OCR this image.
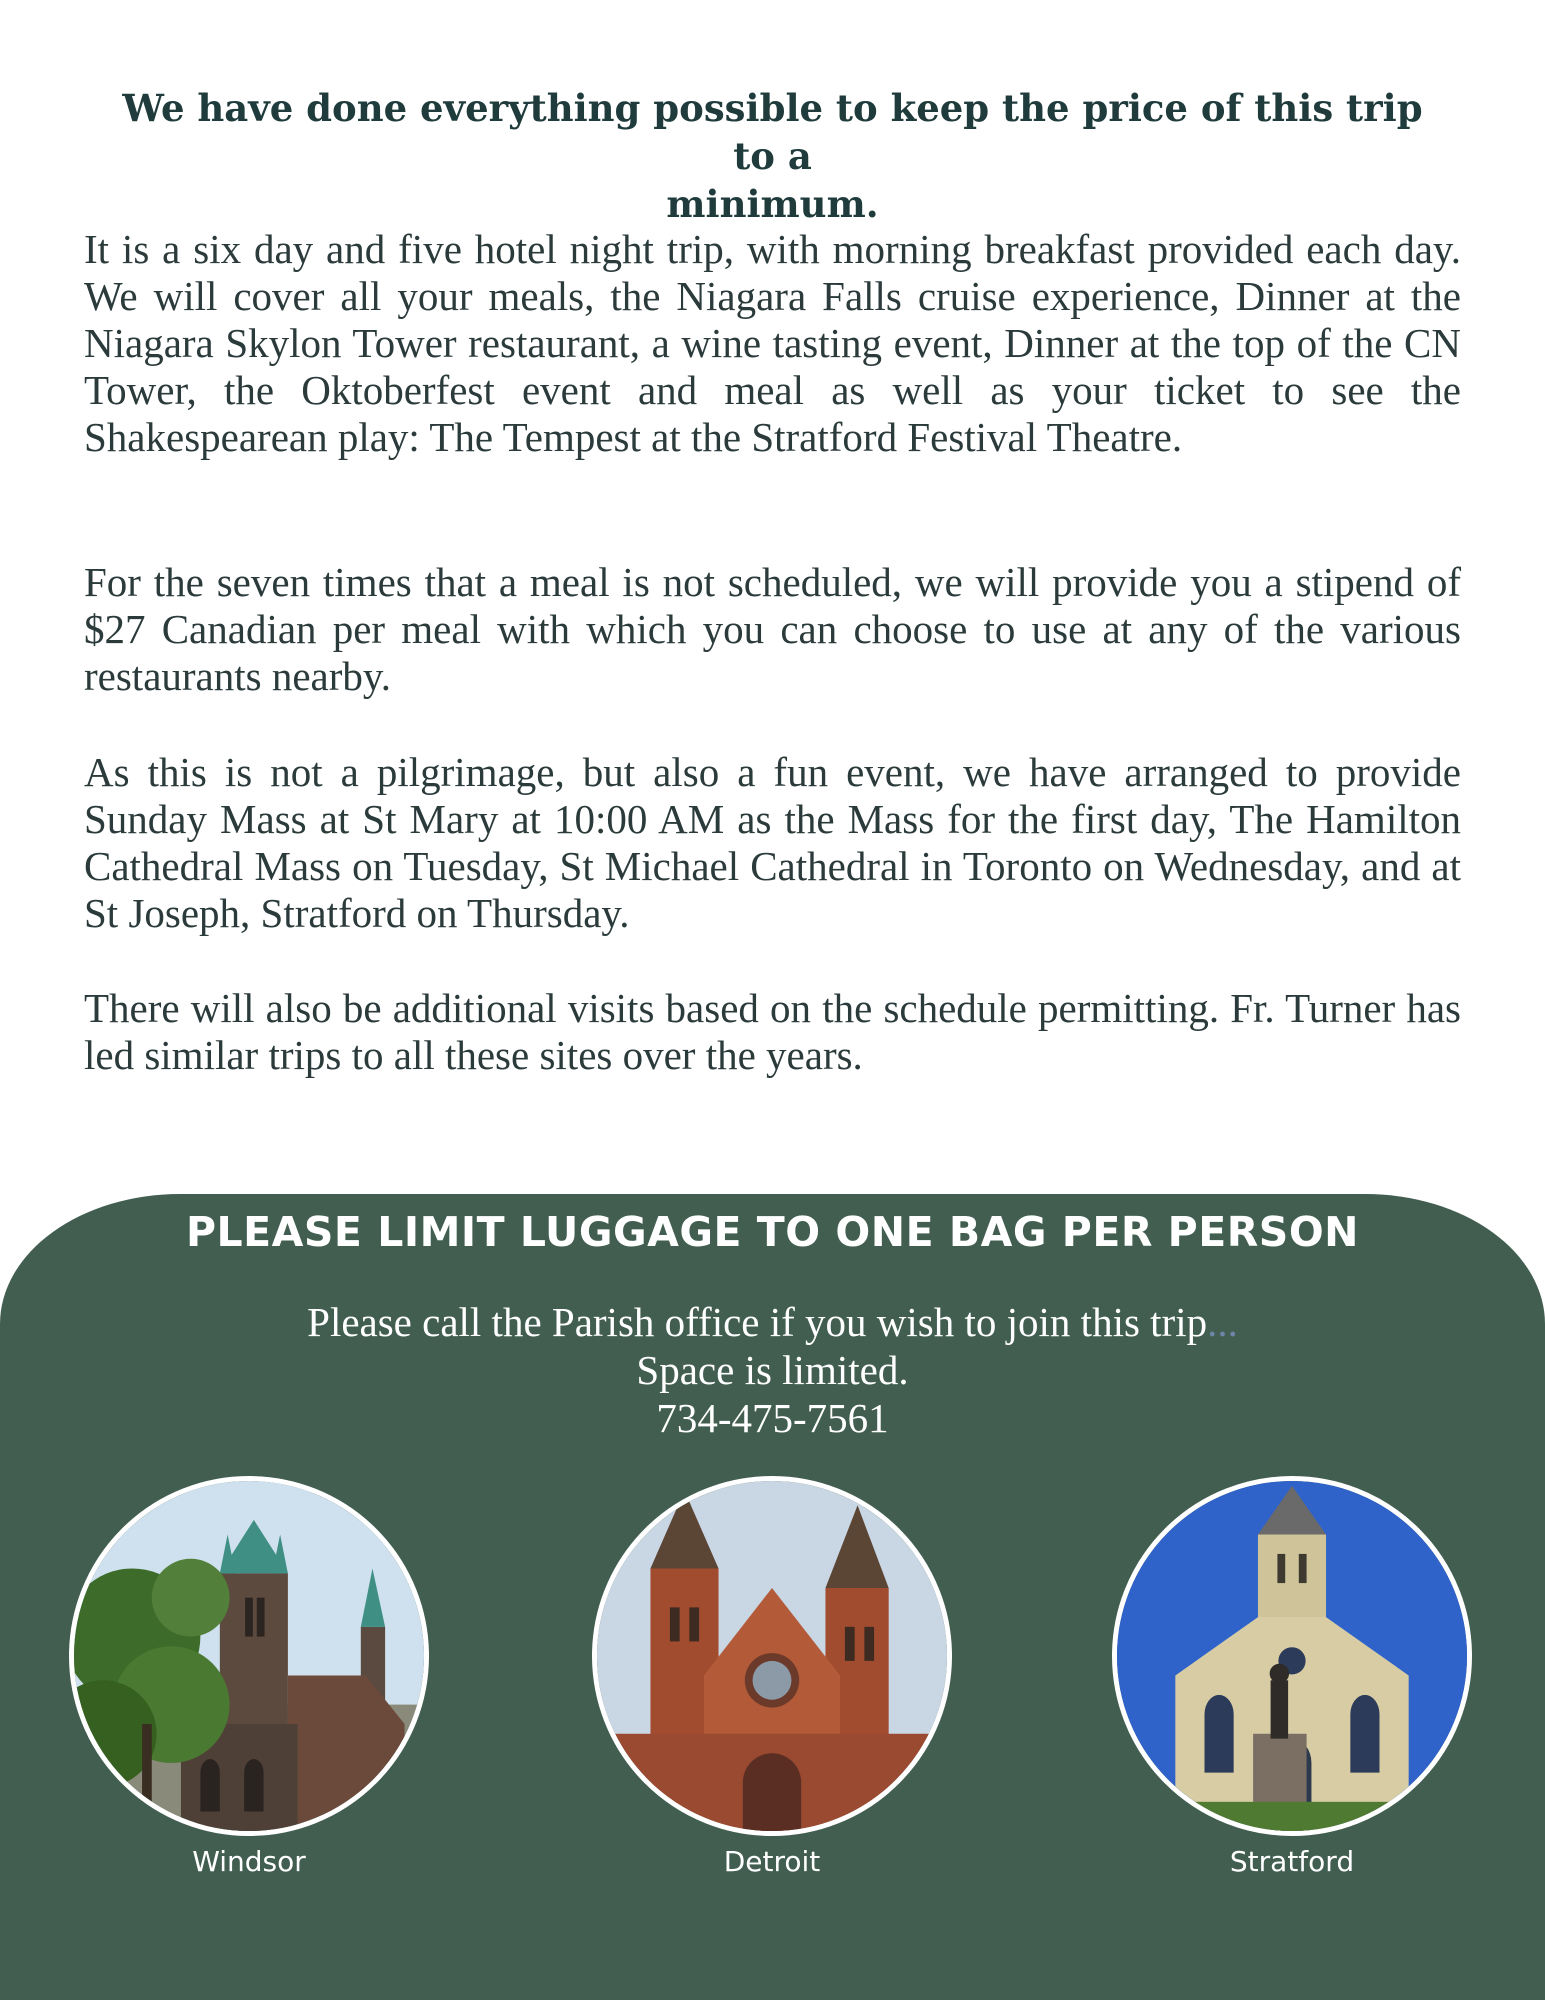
We have done everything possible to keep the price of this trip to a
minimum.

It is a six day and five hotel night trip, with morning breakfast provided each day. We will cover all your meals, the Niagara Falls cruise experience, Dinner at the Niagara Skylon Tower restaurant, a wine tasting event, Dinner at the top of the CN Tower, the Oktoberfest event and meal as well as your ticket to see the Shakespearean play: The Tempest at the Stratford Festival Theatre.

For the seven times that a meal is not scheduled, we will provide you a stipend of $27 Canadian per meal with which you can choose to use at any of the various restaurants nearby.

As this is not a pilgrimage, but also a fun event, we have arranged to provide Sunday Mass at St Mary at 10:00 AM as the Mass for the first day, The Hamilton Cathedral Mass on Tuesday, St Michael Cathedral in Toronto on Wednesday, and at St Joseph, Stratford on Thursday.

There will also be additional visits based on the schedule permitting. Fr. Turner has led similar trips to all these sites over the years.

PLEASE LIMIT LUGGAGE TO ONE BAG PER PERSON
Please call the Parish office if you wish to join this trip...
Space is limited.
734-475-7561
Windsor	Detroit	Stratford
